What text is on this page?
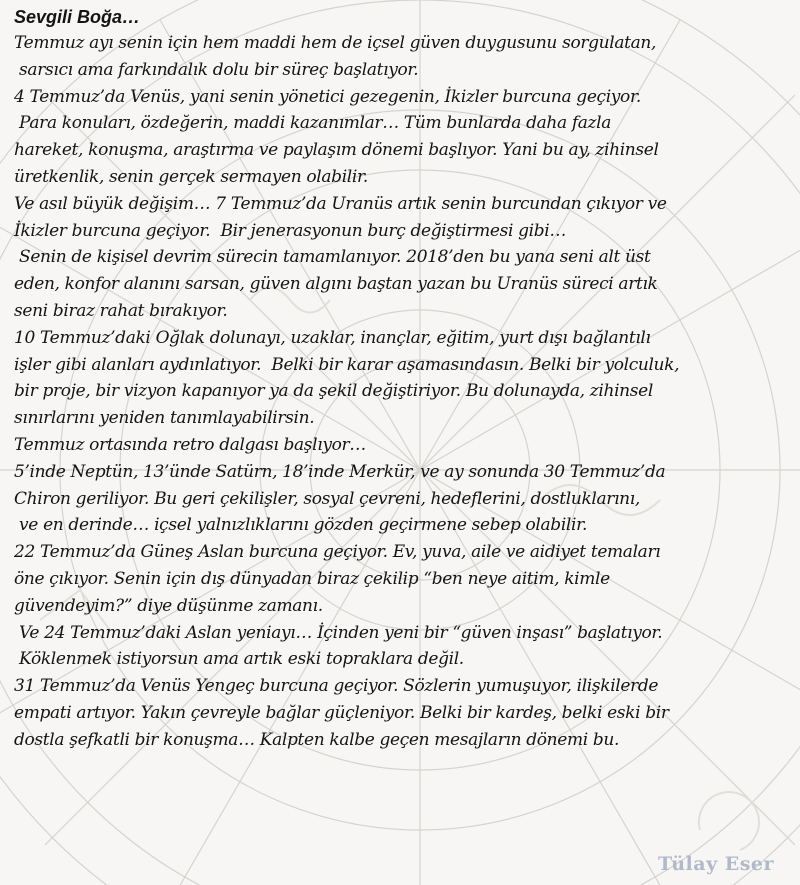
Sevgili Boğa…
Temmuz ayı senin için hem maddi hem de içsel güven duygusunu sorgulatan,
sarsıcı ama farkındalık dolu bir süreç başlatıyor.
4 Temmuz’da Venüs, yani senin yönetici gezegenin, İkizler burcuna geçiyor.
Para konuları, özdeğerin, maddi kazanımlar… Tüm bunlarda daha fazla
hareket, konuşma, araştırma ve paylaşım dönemi başlıyor. Yani bu ay, zihinsel
üretkenlik, senin gerçek sermayen olabilir.
Ve asıl büyük değişim… 7 Temmuz’da Uranüs artık senin burcundan çıkıyor ve
İkizler burcuna geçiyor.  Bir jenerasyonun burç değiştirmesi gibi…
Senin de kişisel devrim sürecin tamamlanıyor. 2018’den bu yana seni alt üst
eden, konfor alanını sarsan, güven algını baştan yazan bu Uranüs süreci artık
seni biraz rahat bırakıyor.
10 Temmuz’daki Oğlak dolunayı, uzaklar, inançlar, eğitim, yurt dışı bağlantılı
işler gibi alanları aydınlatıyor.  Belki bir karar aşamasındasın. Belki bir yolculuk,
bir proje, bir vizyon kapanıyor ya da şekil değiştiriyor. Bu dolunayda, zihinsel
sınırlarını yeniden tanımlayabilirsin.
Temmuz ortasında retro dalgası başlıyor…
5’inde Neptün, 13’ünde Satürn, 18’inde Merkür, ve ay sonunda 30 Temmuz’da
Chiron geriliyor. Bu geri çekilişler, sosyal çevreni, hedeflerini, dostluklarını,
ve en derinde… içsel yalnızlıklarını gözden geçirmene sebep olabilir.
22 Temmuz’da Güneş Aslan burcuna geçiyor. Ev, yuva, aile ve aidiyet temaları
öne çıkıyor. Senin için dış dünyadan biraz çekilip “ben neye aitim, kimle
güvendeyim?” diye düşünme zamanı.
Ve 24 Temmuz’daki Aslan yeniayı… İçinden yeni bir “güven inşası” başlatıyor.
Köklenmek istiyorsun ama artık eski topraklara değil.
31 Temmuz’da Venüs Yengeç burcuna geçiyor. Sözlerin yumuşuyor, ilişkilerde
empati artıyor. Yakın çevreyle bağlar güçleniyor. Belki bir kardeş, belki eski bir
dostla şefkatli bir konuşma… Kalpten kalbe geçen mesajların dönemi bu.
Tülay Eser
